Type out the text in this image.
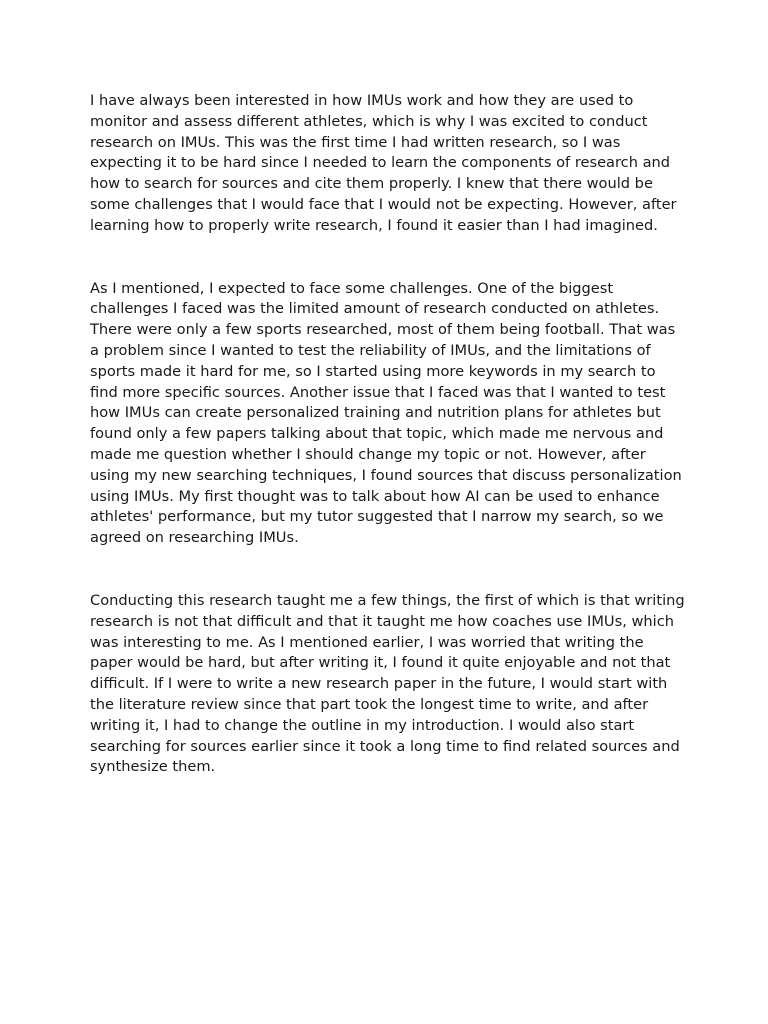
I have always been interested in how IMUs work and how they are used to monitor and assess different athletes, which is why I was excited to conduct research on IMUs. This was the first time I had written research, so I was expecting it to be hard since I needed to learn the components of research and how to search for sources and cite them properly. I knew that there would be some challenges that I would face that I would not be expecting. However, after learning how to properly write research, I found it easier than I had imagined.

As I mentioned, I expected to face some challenges. One of the biggest challenges I faced was the limited amount of research conducted on athletes. There were only a few sports researched, most of them being football. That was a problem since I wanted to test the reliability of IMUs, and the limitations of sports made it hard for me, so I started using more keywords in my search to find more specific sources. Another issue that I faced was that I wanted to test how IMUs can create personalized training and nutrition plans for athletes but found only a few papers talking about that topic, which made me nervous and made me question whether I should change my topic or not. However, after using my new searching techniques, I found sources that discuss personalization using IMUs. My first thought was to talk about how AI can be used to enhance athletes' performance, but my tutor suggested that I narrow my search, so we agreed on researching IMUs.

Conducting this research taught me a few things, the first of which is that writing research is not that difficult and that it taught me how coaches use IMUs, which was interesting to me. As I mentioned earlier, I was worried that writing the paper would be hard, but after writing it, I found it quite enjoyable and not that difficult. If I were to write a new research paper in the future, I would start with the literature review since that part took the longest time to write, and after writing it, I had to change the outline in my introduction. I would also start searching for sources earlier since it took a long time to find related sources and synthesize them.
